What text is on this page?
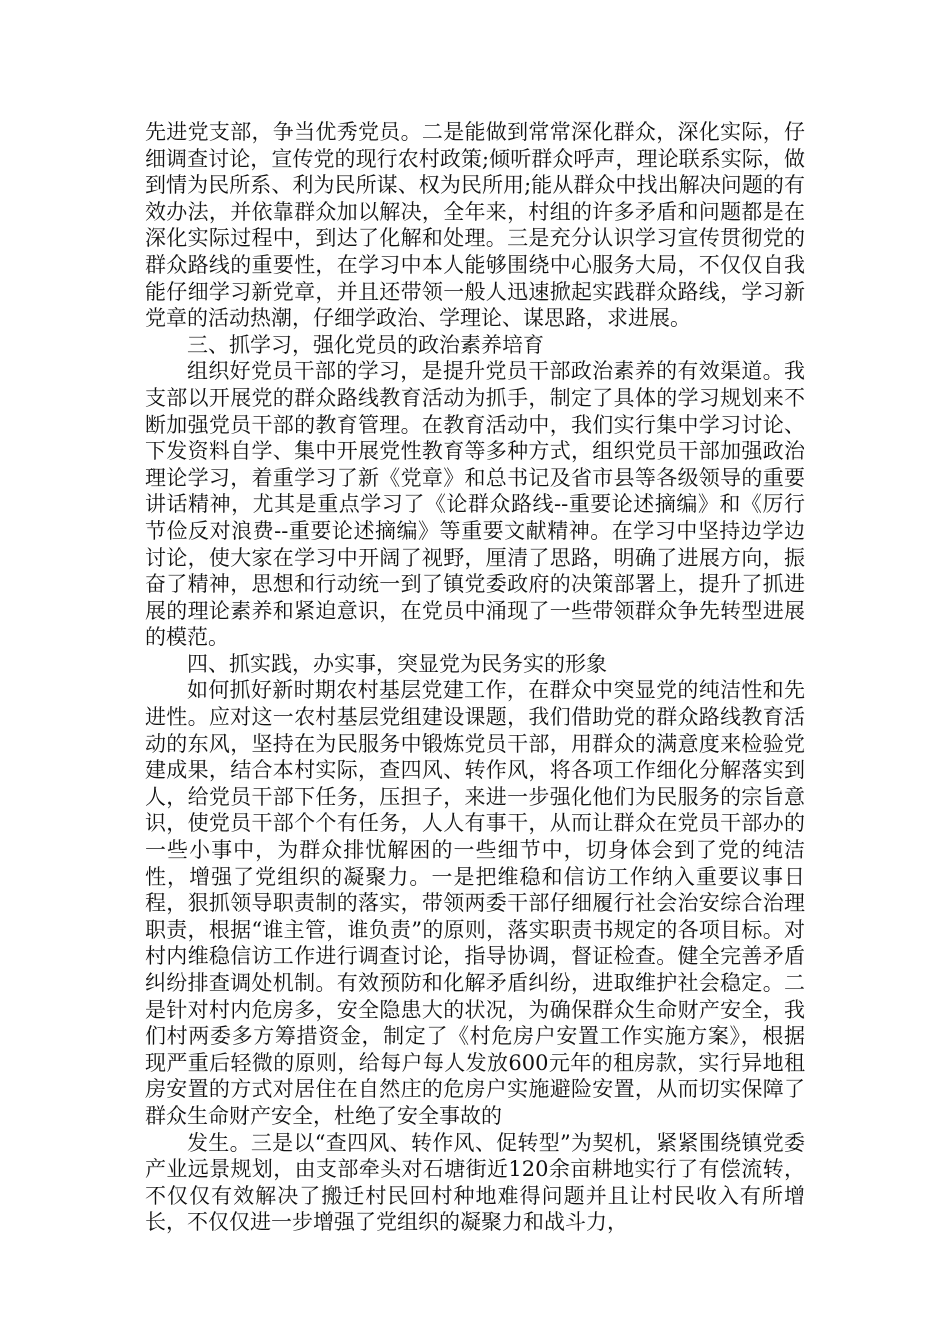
先进党支部，争当优秀党员。二是能做到常常深化群众，深化实际，仔细调查讨论，宣传党的现行农村政策;倾听群众呼声，理论联系实际，做到情为民所系、利为民所谋、权为民所用;能从群众中找出解决问题的有效办法，并依靠群众加以解决，全年来，村组的许多矛盾和问题都是在深化实际过程中，到达了化解和处理。三是充分认识学习宣传贯彻党的群众路线的重要性，在学习中本人能够围绕中心服务大局，不仅仅自我能仔细学习新党章，并且还带领一般人迅速掀起实践群众路线，学习新党章的活动热潮，仔细学政治、学理论、谋思路，求进展。

三、抓学习，强化党员的政治素养培育

组织好党员干部的学习，是提升党员干部政治素养的有效渠道。我支部以开展党的群众路线教育活动为抓手，制定了具体的学习规划来不断加强党员干部的教育管理。在教育活动中，我们实行集中学习讨论、下发资料自学、集中开展党性教育等多种方式，组织党员干部加强政治理论学习，着重学习了新《党章》和总书记及省市县等各级领导的重要讲话精神，尤其是重点学习了《论群众路线--重要论述摘编》和《厉行节俭反对浪费--重要论述摘编》等重要文献精神。在学习中坚持边学边讨论，使大家在学习中开阔了视野，厘清了思路，明确了进展方向，振奋了精神，思想和行动统一到了镇党委政府的决策部署上，提升了抓进展的理论素养和紧迫意识，在党员中涌现了一些带领群众争先转型进展的模范。

四、抓实践，办实事，突显党为民务实的形象

如何抓好新时期农村基层党建工作，在群众中突显党的纯洁性和先进性。应对这一农村基层党组建设课题，我们借助党的群众路线教育活动的东风，坚持在为民服务中锻炼党员干部，用群众的满意度来检验党建成果，结合本村实际，查四风、转作风，将各项工作细化分解落实到人，给党员干部下任务，压担子，来进一步强化他们为民服务的宗旨意识，使党员干部个个有任务，人人有事干，从而让群众在党员干部办的一些小事中，为群众排忧解困的一些细节中，切身体会到了党的纯洁性，增强了党组织的凝聚力。一是把维稳和信访工作纳入重要议事日程，狠抓领导职责制的落实，带领两委干部仔细履行社会治安综合治理职责，根据“谁主管，谁负责”的原则，落实职责书规定的各项目标。对村内维稳信访工作进行调查讨论，指导协调，督证检查。健全完善矛盾纠纷排查调处机制。有效预防和化解矛盾纠纷，进取维护社会稳定。二是针对村内危房多，安全隐患大的状况，为确保群众生命财产安全，我们村两委多方筹措资金，制定了《村危房户安置工作实施方案》，根据现严重后轻微的原则，给每户每人发放600元年的租房款，实行异地租房安置的方式对居住在自然庄的危房户实施避险安置，从而切实保障了群众生命财产安全，杜绝了安全事故的

发生。三是以“查四风、转作风、促转型”为契机，紧紧围绕镇党委产业远景规划，由支部牵头对石塘街近120余亩耕地实行了有偿流转，不仅仅有效解决了搬迁村民回村种地难得问题并且让村民收入有所增长，不仅仅进一步增强了党组织的凝聚力和战斗力，
